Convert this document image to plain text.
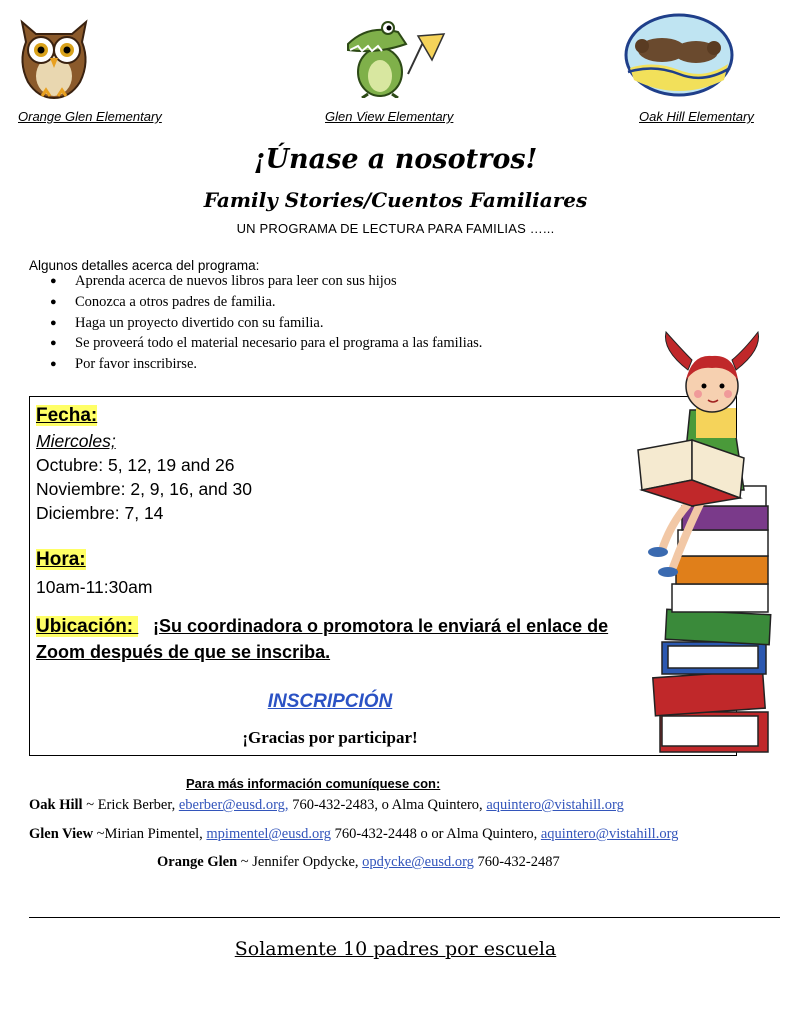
Orange Glen Elementary	Glen View Elementary	Oak Hill Elementary
¡Únase a nosotros!
Family Stories/Cuentos Familiares
UN PROGRAMA DE LECTURA PARA FAMILIAS …...
Algunos detalles acerca del programa:
● Aprenda acerca de nuevos libros para leer con sus hijos
● Conozca a otros padres de familia.
● Haga un proyecto divertido con su familia.
● Se proveerá todo el material necesario para el programa a las familias.
● Por favor inscribirse.
Fecha:
Miercoles;
Octubre: 5, 12, 19 and 26
Noviembre: 2, 9, 16, and 30
Diciembre: 7, 14
Hora:
10am-11:30am
Ubicación:    ¡Su coordinadora o promotora le enviará el enlace de Zoom después de que se inscriba.
INSCRIPCIÓN
¡Gracias por participar!
Para más información comuníquese con:
Oak Hill ~ Erick Berber, eberber@eusd.org, 760-432-2483, o Alma Quintero, aquintero@vistahill.org
Glen View ~Mirian Pimentel, mpimentel@eusd.org 760-432-2448 o or Alma Quintero, aquintero@vistahill.org
Orange Glen ~ Jennifer Opdycke, opdycke@eusd.org 760-432-2487
Solamente 10 padres por escuela
